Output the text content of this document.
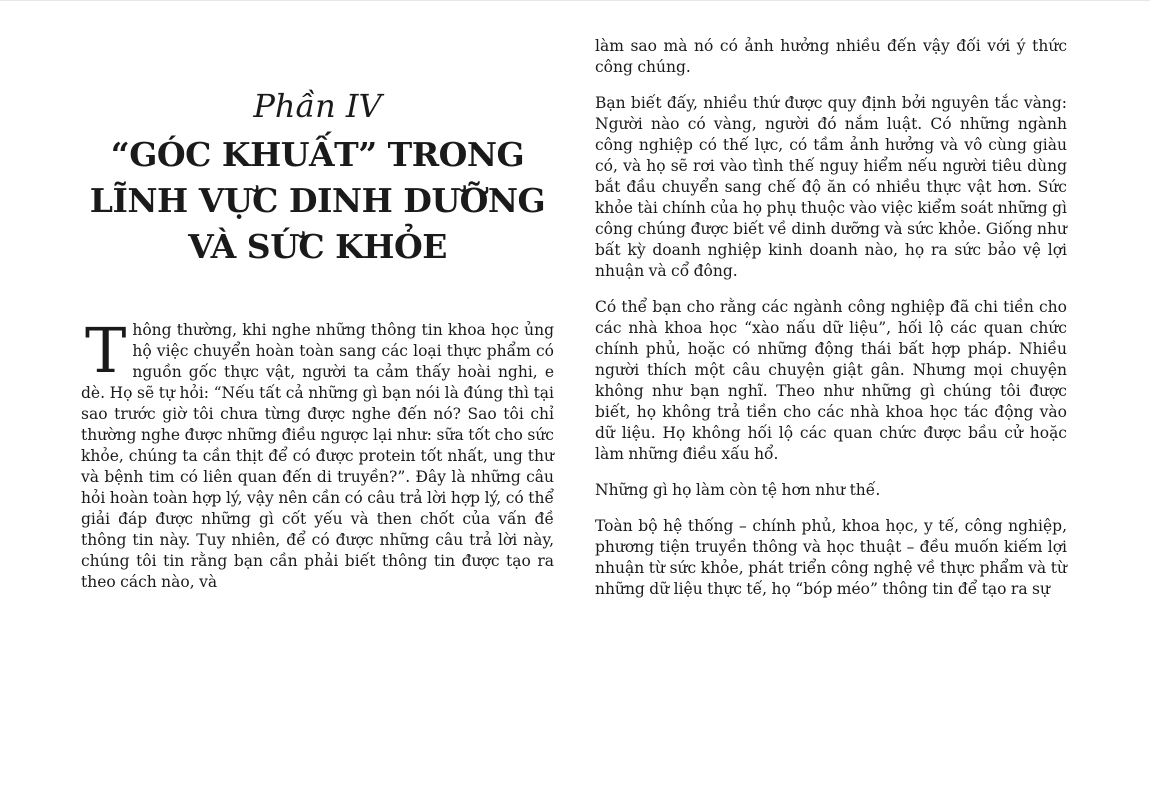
Phần IV
“GÓC KHUẤT” TRONG LĨNH VỰC DINH DƯỠNG VÀ SỨC KHỎE

Thông thường, khi nghe những thông tin khoa học ủng hộ việc chuyển hoàn toàn sang các loại thực phẩm có nguồn gốc thực vật, người ta cảm thấy hoài nghi, e dè. Họ sẽ tự hỏi: “Nếu tất cả những gì bạn nói là đúng thì tại sao trước giờ tôi chưa từng được nghe đến nó? Sao tôi chỉ thường nghe được những điều ngược lại như: sữa tốt cho sức khỏe, chúng ta cần thịt để có được protein tốt nhất, ung thư và bệnh tim có liên quan đến di truyền?”. Đây là những câu hỏi hoàn toàn hợp lý, vậy nên cần có câu trả lời hợp lý, có thể giải đáp được những gì cốt yếu và then chốt của vấn đề thông tin này. Tuy nhiên, để có được những câu trả lời này, chúng tôi tin rằng bạn cần phải biết thông tin được tạo ra theo cách nào, và

làm sao mà nó có ảnh hưởng nhiều đến vậy đối với ý thức công chúng.

Bạn biết đấy, nhiều thứ được quy định bởi nguyên tắc vàng: Người nào có vàng, người đó nắm luật. Có những ngành công nghiệp có thế lực, có tầm ảnh hưởng và vô cùng giàu có, và họ sẽ rơi vào tình thế nguy hiểm nếu người tiêu dùng bắt đầu chuyển sang chế độ ăn có nhiều thực vật hơn. Sức khỏe tài chính của họ phụ thuộc vào việc kiểm soát những gì công chúng được biết về dinh dưỡng và sức khỏe. Giống như bất kỳ doanh nghiệp kinh doanh nào, họ ra sức bảo vệ lợi nhuận và cổ đông.

Có thể bạn cho rằng các ngành công nghiệp đã chi tiền cho các nhà khoa học “xào nấu dữ liệu”, hối lộ các quan chức chính phủ, hoặc có những động thái bất hợp pháp. Nhiều người thích một câu chuyện giật gân. Nhưng mọi chuyện không như bạn nghĩ. Theo như những gì chúng tôi được biết, họ không trả tiền cho các nhà khoa học tác động vào dữ liệu. Họ không hối lộ các quan chức được bầu cử hoặc làm những điều xấu hổ.

Những gì họ làm còn tệ hơn như thế.

Toàn bộ hệ thống – chính phủ, khoa học, y tế, công nghiệp, phương tiện truyền thông và học thuật – đều muốn kiếm lợi nhuận từ sức khỏe, phát triển công nghệ về thực phẩm và từ những dữ liệu thực tế, họ “bóp méo” thông tin để tạo ra sự
